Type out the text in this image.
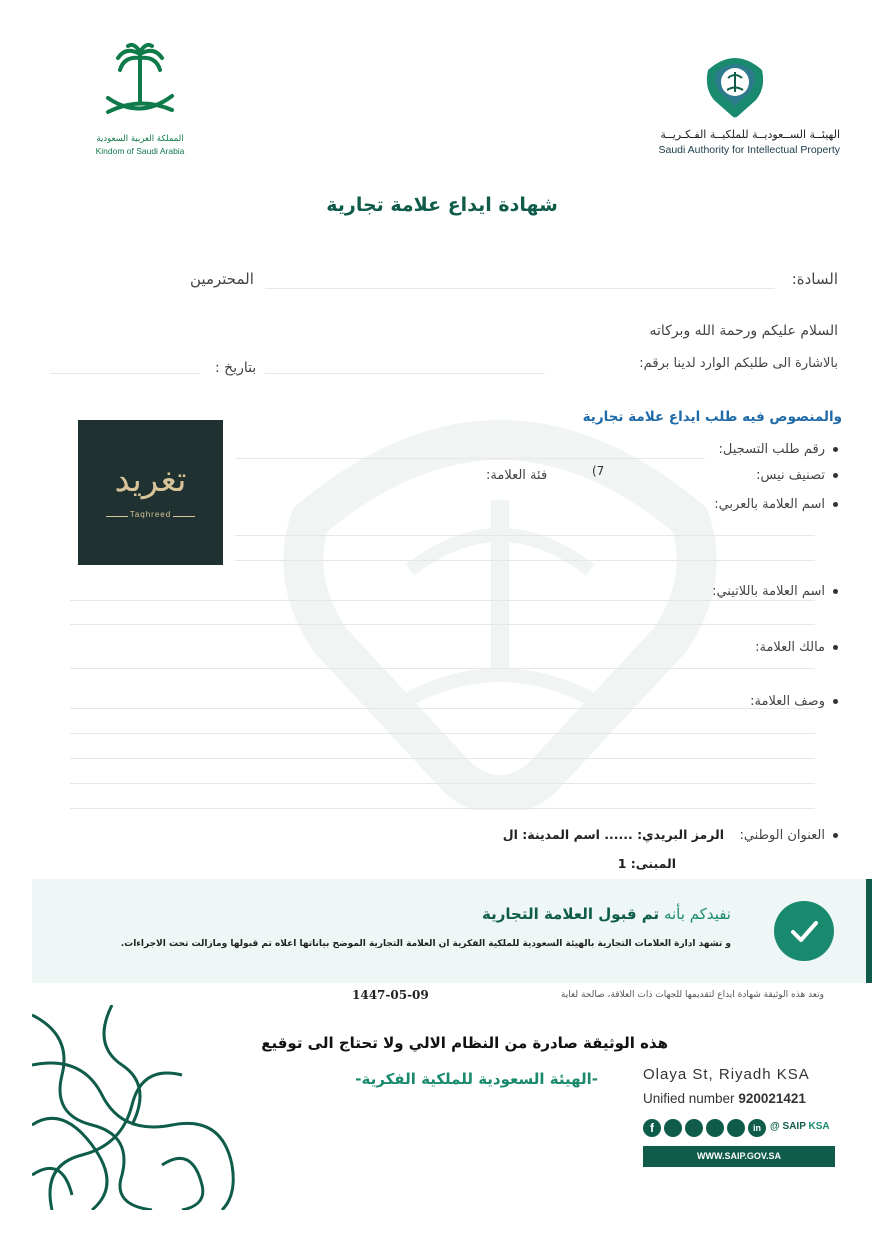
الهيئــة الســعوديــة للملكيــة الفـكـريــة
Saudi Authority for Intellectual Property
المملكة العربية السعودية
Kindom of Saudi Arabia
شهادة ايداع علامة تجارية
السادة:
المحترمين
السلام عليكم ورحمة الله وبركاته
بالاشارة الى طلبكم الوارد لدينا برقم:
بتاريخ :
والمنصوص فيه طلب ايداع علامة تجارية
رقم طلب التسجيل:
تصنيف نيس:
(7
فئة العلامة:
اسم العلامة بالعربي:
اسم العلامة باللاتيني:
مالك العلامة:
وصف العلامة:
العنوان الوطني:
الرمز البريدي: ...... اسم المدينة: ال
المبنى: 1
تغريد
Taqhreed
نفيدكم بأنه تم قبول العلامة التجارية
و تشهد ادارة العلامات التجارية بالهيئة السعودية للملكية الفكرية ان العلامة التجارية الموضح بياناتها اعلاه تم قبولها ومازالت تحت الاجراءات.
وتعد هذه الوثيقة شهادة ايداع لتقديمها للجهات ذات العلاقة، صالحة لغاية
1447-05-09
هذه الوثيقة صادرة من النظام الالي ولا تحتاج الى توقيع
-الهيئة السعودية للملكية الفكرية-	Olaya St, Riyadh KSA
Unified number 920021421
f	in @ SAIP KSA
WWW.SAIP.GOV.SA
